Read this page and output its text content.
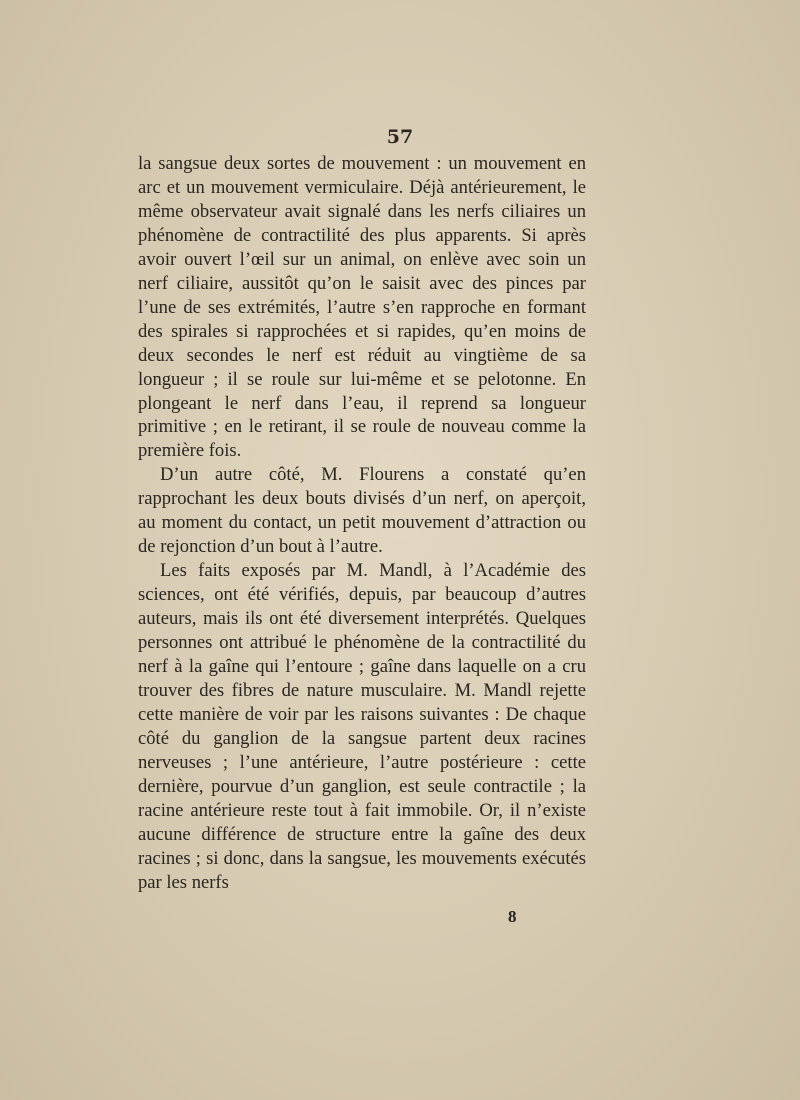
57

la sangsue deux sortes de mouvement : un mouvement en arc et un mouvement vermiculaire. Déjà antérieurement, le même observateur avait signalé dans les nerfs ciliaires un phénomène de contractilité des plus apparents. Si après avoir ouvert l’œil sur un animal, on enlève avec soin un nerf ciliaire, aussitôt qu’on le saisit avec des pinces par l’une de ses extrémités, l’autre s’en rapproche en formant des spirales si rapprochées et si rapides, qu’en moins de deux secondes le nerf est réduit au vingtième de sa longueur ; il se roule sur lui-même et se pelotonne. En plongeant le nerf dans l’eau, il reprend sa longueur primitive ; en le retirant, il se roule de nouveau comme la première fois.

D’un autre côté, M. Flourens a constaté qu’en rapprochant les deux bouts divisés d’un nerf, on aperçoit, au moment du contact, un petit mouvement d’attraction ou de rejonction d’un bout à l’autre.

Les faits exposés par M. Mandl, à l’Académie des sciences, ont été vérifiés, depuis, par beaucoup d’autres auteurs, mais ils ont été diversement interprétés. Quelques personnes ont attribué le phénomène de la contractilité du nerf à la gaîne qui l’entoure ; gaîne dans laquelle on a cru trouver des fibres de nature musculaire. M. Mandl rejette cette manière de voir par les raisons suivantes : De chaque côté du ganglion de la sangsue partent deux racines nerveuses ; l’une antérieure, l’autre postérieure : cette dernière, pourvue d’un ganglion, est seule contractile ; la racine antérieure reste tout à fait immobile. Or, il n’existe aucune différence de structure entre la gaîne des deux racines ; si donc, dans la sangsue, les mouvements exécutés par les nerfs

8
